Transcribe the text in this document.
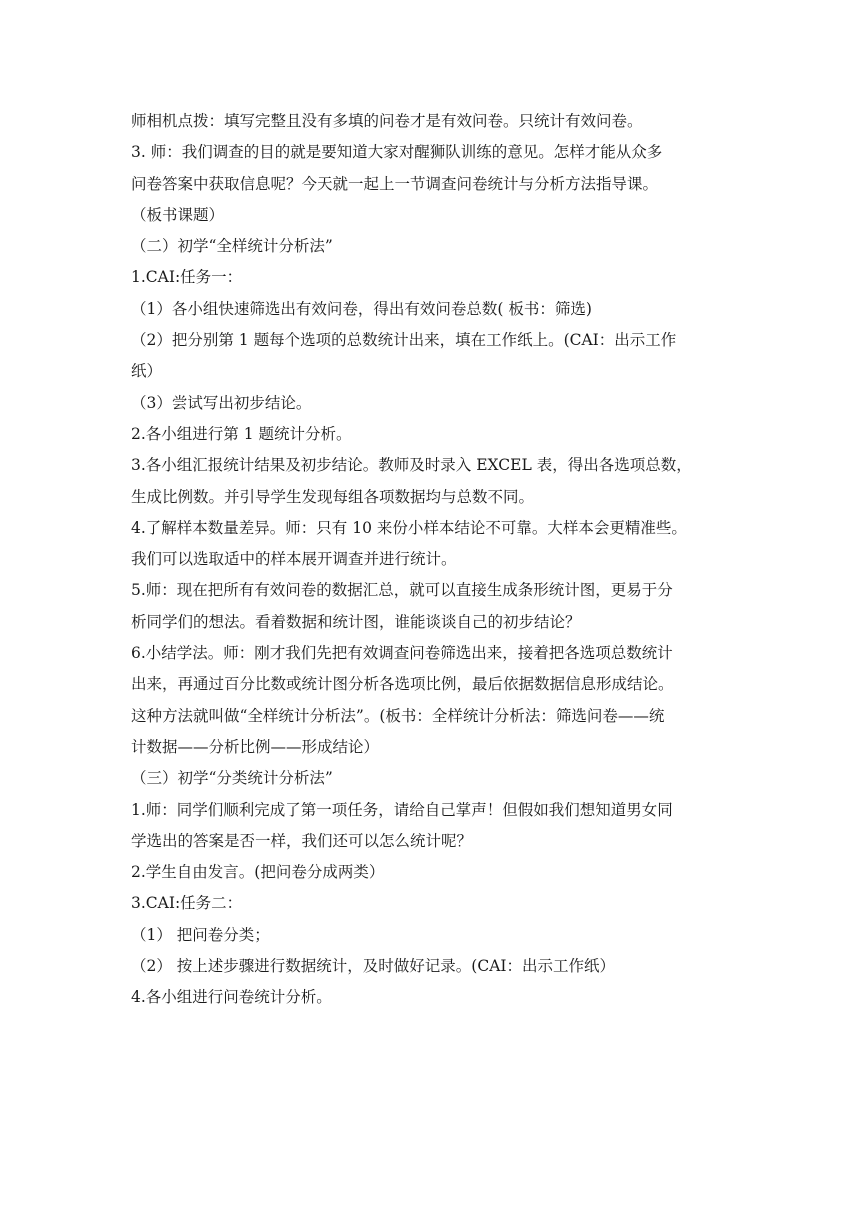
师相机点拨：填写完整且没有多填的问卷才是有效问卷。只统计有效问卷。
3. 师：我们调查的目的就是要知道大家对醒狮队训练的意见。怎样才能从众多
问卷答案中获取信息呢？今天就一起上一节调查问卷统计与分析方法指导课。
（板书课题）
（二）初学“全样统计分析法”
1.CAI:任务一：
（1）各小组快速筛选出有效问卷，得出有效问卷总数( 板书：筛选)
（2）把分别第 1 题每个选项的总数统计出来，填在工作纸上。(CAI：出示工作
纸）
（3）尝试写出初步结论。
2.各小组进行第 1 题统计分析。
3.各小组汇报统计结果及初步结论。教师及时录入 EXCEL 表，得出各选项总数，
生成比例数。并引导学生发现每组各项数据均与总数不同。
4.了解样本数量差异。师：只有 10 来份小样本结论不可靠。大样本会更精准些。
我们可以选取适中的样本展开调查并进行统计。
5.师：现在把所有有效问卷的数据汇总，就可以直接生成条形统计图，更易于分
析同学们的想法。看着数据和统计图，谁能谈谈自己的初步结论？
6.小结学法。师：刚才我们先把有效调查问卷筛选出来，接着把各选项总数统计
出来，再通过百分比数或统计图分析各选项比例，最后依据数据信息形成结论。
这种方法就叫做“全样统计分析法”。(板书：全样统计分析法：筛选问卷——统
计数据——分析比例——形成结论）
（三）初学“分类统计分析法”
1.师：同学们顺利完成了第一项任务，请给自己掌声！但假如我们想知道男女同
学选出的答案是否一样，我们还可以怎么统计呢？
2.学生自由发言。(把问卷分成两类）
3.CAI:任务二：
（1） 把问卷分类；
（2） 按上述步骤进行数据统计，及时做好记录。(CAI：出示工作纸）
4.各小组进行问卷统计分析。
